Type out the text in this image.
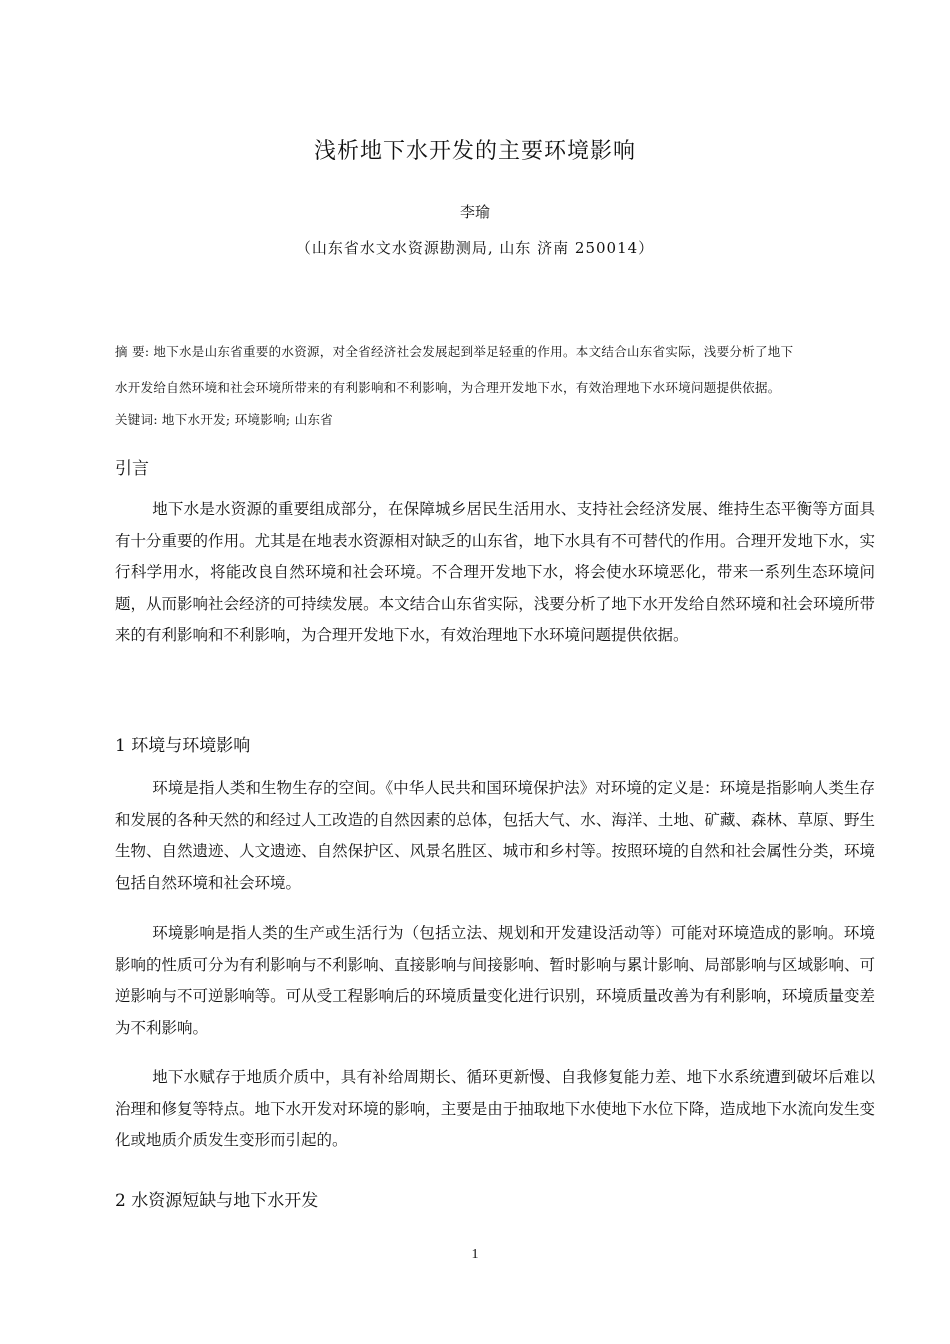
浅析地下水开发的主要环境影响
李瑜
（山东省水文水资源勘测局, 山东 济南 250014）
摘 要: 地下水是山东省重要的水资源，对全省经济社会发展起到举足轻重的作用。本文结合山东省实际，浅要分析了地下
水开发给自然环境和社会环境所带来的有利影响和不利影响，为合理开发地下水，有效治理地下水环境问题提供依据。
关键词: 地下水开发; 环境影响; 山东省
引言

地下水是水资源的重要组成部分，在保障城乡居民生活用水、支持社会经济发展、维持生态平衡等方面具有十分重要的作用。尤其是在地表水资源相对缺乏的山东省，地下水具有不可替代的作用。合理开发地下水，实行科学用水，将能改良自然环境和社会环境。不合理开发地下水，将会使水环境恶化，带来一系列生态环境问题，从而影响社会经济的可持续发展。本文结合山东省实际，浅要分析了地下水开发给自然环境和社会环境所带来的有利影响和不利影响，为合理开发地下水，有效治理地下水环境问题提供依据。

1 环境与环境影响

环境是指人类和生物生存的空间。《中华人民共和国环境保护法》对环境的定义是：环境是指影响人类生存和发展的各种天然的和经过人工改造的自然因素的总体，包括大气、水、海洋、土地、矿藏、森林、草原、野生生物、自然遗迹、人文遗迹、自然保护区、风景名胜区、城市和乡村等。按照环境的自然和社会属性分类，环境包括自然环境和社会环境。

环境影响是指人类的生产或生活行为（包括立法、规划和开发建设活动等）可能对环境造成的影响。环境影响的性质可分为有利影响与不利影响、直接影响与间接影响、暂时影响与累计影响、局部影响与区域影响、可逆影响与不可逆影响等。可从受工程影响后的环境质量变化进行识别，环境质量改善为有利影响，环境质量变差为不利影响。

地下水赋存于地质介质中，具有补给周期长、循环更新慢、自我修复能力差、地下水系统遭到破坏后难以治理和修复等特点。地下水开发对环境的影响，主要是由于抽取地下水使地下水位下降，造成地下水流向发生变化或地质介质发生变形而引起的。

2 水资源短缺与地下水开发
1
